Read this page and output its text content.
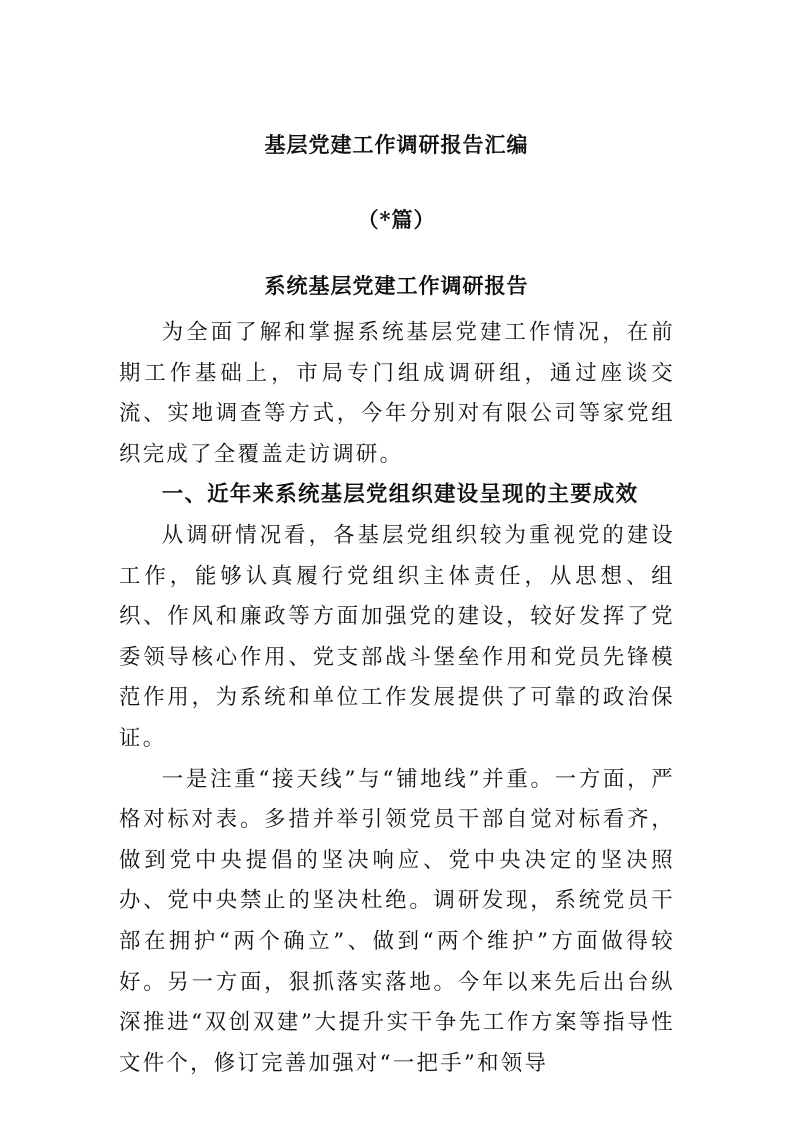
基层党建工作调研报告汇编
（*篇）
系统基层党建工作调研报告

为全面了解和掌握系统基层党建工作情况，在前期工作基础上，市局专门组成调研组，通过座谈交流、实地调查等方式，今年分别对有限公司等家党组织完成了全覆盖走访调研。

一、近年来系统基层党组织建设呈现的主要成效

从调研情况看，各基层党组织较为重视党的建设工作，能够认真履行党组织主体责任，从思想、组织、作风和廉政等方面加强党的建设，较好发挥了党委领导核心作用、党支部战斗堡垒作用和党员先锋模范作用，为系统和单位工作发展提供了可靠的政治保证。

一是注重“接天线”与“铺地线”并重。一方面，严格对标对表。多措并举引领党员干部自觉对标看齐，做到党中央提倡的坚决响应、党中央决定的坚决照办、党中央禁止的坚决杜绝。调研发现，系统党员干部在拥护“两个确立”、做到“两个维护”方面做得较好。另一方面，狠抓落实落地。今年以来先后出台纵深推进“双创双建”大提升实干争先工作方案等指导性文件个，修订完善加强对“一把手”和领导
